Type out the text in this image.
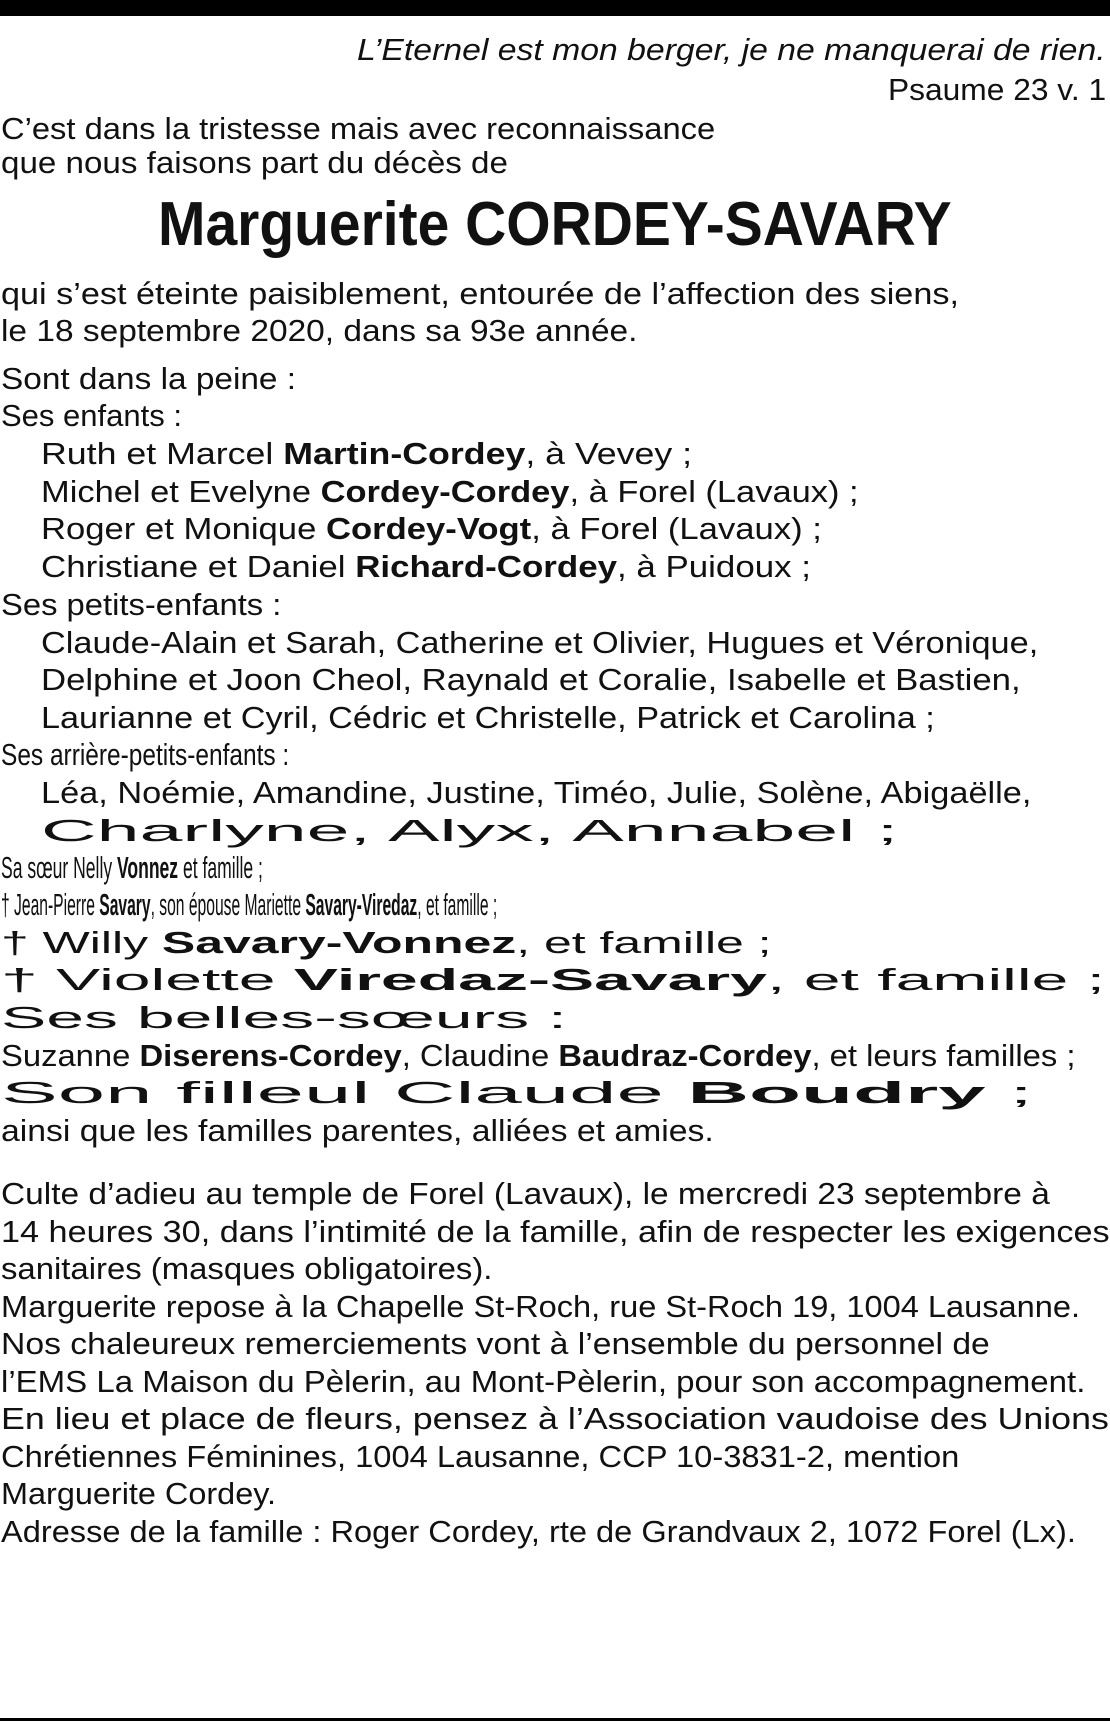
L’Eternel est mon berger, je ne manquerai de rien.
Psaume 23 v. 1
C’est dans la tristesse mais avec reconnaissance
que nous faisons part du décès de
Marguerite CORDEY-SAVARY
qui s’est éteinte paisiblement, entourée de l’affection des siens,
le 18 septembre 2020, dans sa 93e année.
Sont dans la peine :
Ses enfants :
Ruth et Marcel Martin-Cordey, à Vevey ;
Michel et Evelyne Cordey-Cordey, à Forel (Lavaux) ;
Roger et Monique Cordey-Vogt, à Forel (Lavaux) ;
Christiane et Daniel Richard-Cordey, à Puidoux ;
Ses petits-enfants :
Claude-Alain et Sarah, Catherine et Olivier, Hugues et Véronique,
Delphine et Joon Cheol, Raynald et Coralie, Isabelle et Bastien,
Laurianne et Cyril, Cédric et Christelle, Patrick et Carolina ;
Ses arrière-petits-enfants :
Léa, Noémie, Amandine, Justine, Timéo, Julie, Solène, Abigaëlle,
Charlyne, Alyx, Annabel ;
Sa sœur Nelly Vonnez et famille ;
† Jean-Pierre Savary, son épouse Mariette Savary-Viredaz, et famille ;
† Willy Savary-Vonnez, et famille ;
† Violette Viredaz-Savary, et famille ;
Ses belles-sœurs :
Suzanne Diserens-Cordey, Claudine Baudraz-Cordey, et leurs familles ;
Son filleul Claude Boudry ;
ainsi que les familles parentes, alliées et amies.
Culte d’adieu au temple de Forel (Lavaux), le mercredi 23 septembre à
14 heures 30, dans l’intimité de la famille, afin de respecter les exigences
sanitaires (masques obligatoires).
Marguerite repose à la Chapelle St-Roch, rue St-Roch 19, 1004 Lausanne.
Nos chaleureux remerciements vont à l’ensemble du personnel de
l’EMS La Maison du Pèlerin, au Mont-Pèlerin, pour son accompagnement.
En lieu et place de fleurs, pensez à l’Association vaudoise des Unions
Chrétiennes Féminines, 1004 Lausanne, CCP 10-3831-2, mention
Marguerite Cordey.
Adresse de la famille : Roger Cordey, rte de Grandvaux 2, 1072 Forel (Lx).
